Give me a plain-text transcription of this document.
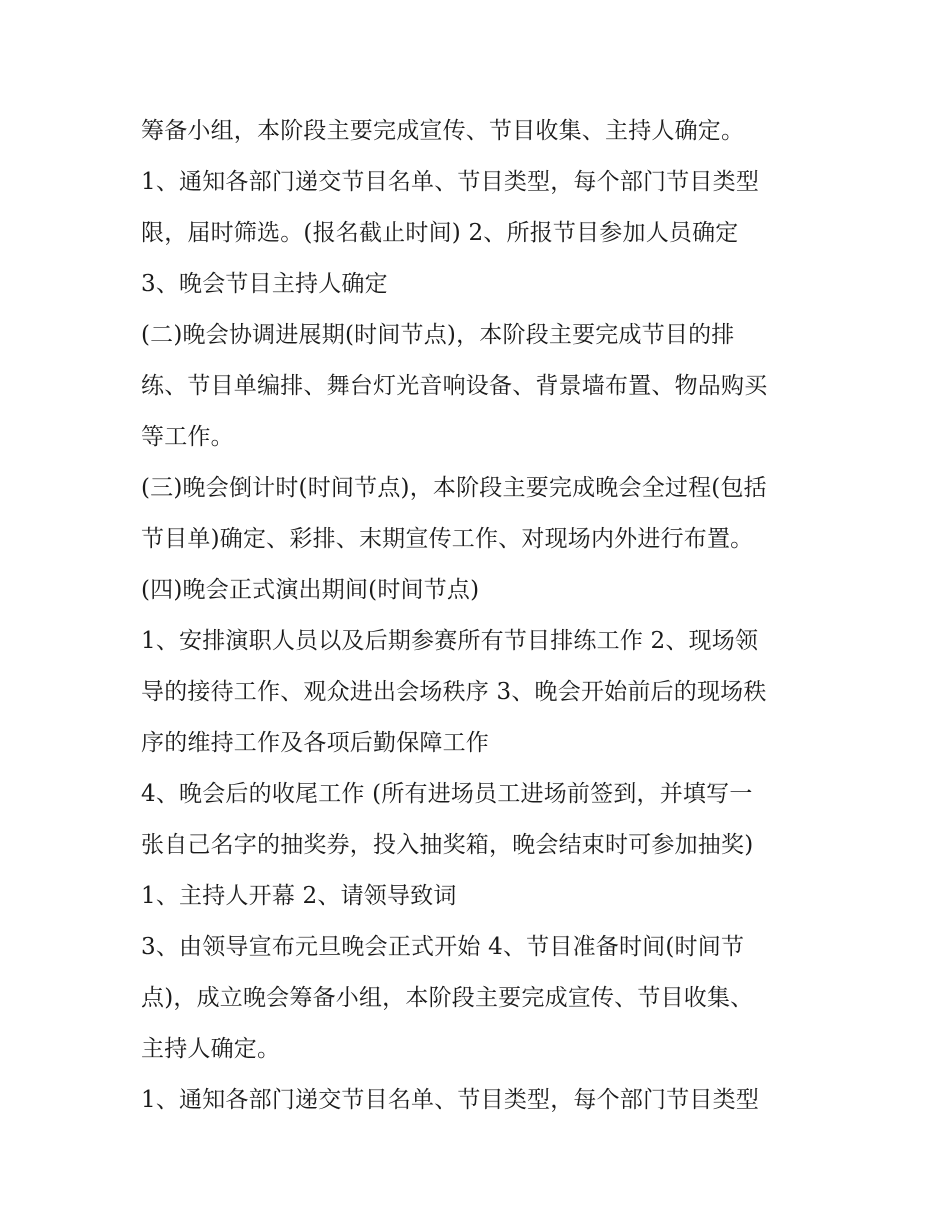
筹备小组，本阶段主要完成宣传、节目收集、主持人确定。
1、通知各部门递交节目名单、节目类型，每个部门节目类型
限，届时筛选。(报名截止时间) 2、所报节目参加人员确定
3、晚会节目主持人确定
(二)晚会协调进展期(时间节点)，本阶段主要完成节目的排
练、节目单编排、舞台灯光音响设备、背景墙布置、物品购买
等工作。
(三)晚会倒计时(时间节点)，本阶段主要完成晚会全过程(包括
节目单)确定、彩排、末期宣传工作、对现场内外进行布置。
(四)晚会正式演出期间(时间节点)
1、安排演职人员以及后期参赛所有节目排练工作 2、现场领
导的接待工作、观众进出会场秩序 3、晚会开始前后的现场秩
序的维持工作及各项后勤保障工作
4、晚会后的收尾工作 (所有进场员工进场前签到，并填写一
张自己名字的抽奖券，投入抽奖箱，晚会结束时可参加抽奖)
1、主持人开幕 2、请领导致词
3、由领导宣布元旦晚会正式开始 4、节目准备时间(时间节
点)，成立晚会筹备小组，本阶段主要完成宣传、节目收集、
主持人确定。
1、通知各部门递交节目名单、节目类型，每个部门节目类型
